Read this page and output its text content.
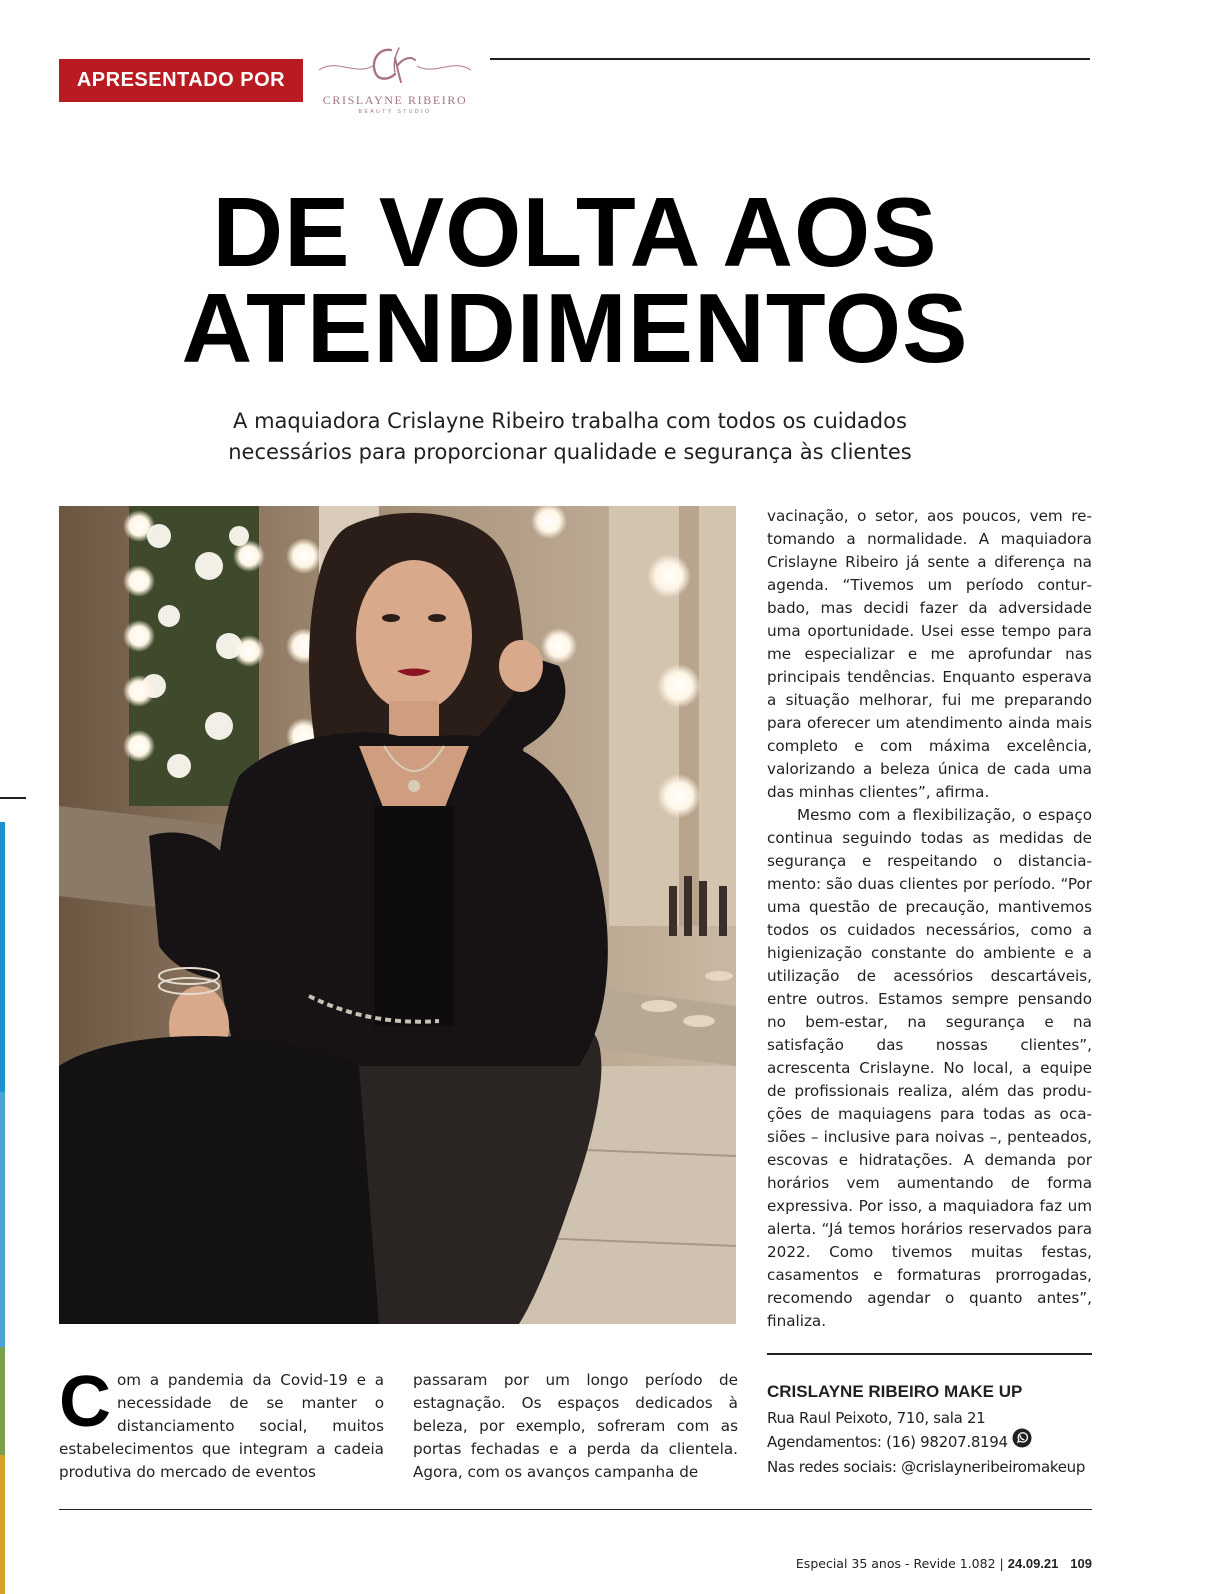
APRESENTADO POR
CRISLAYNE RIBEIRO
BEAUTY STUDIO
DE VOLTA AOS
ATENDIMENTOS
A maquiadora Crislayne Ribeiro trabalha com todos os cuidados
necessários para proporcionar qualidade e segurança às clientes

vacinação, o setor, aos poucos, vem retomando a normalidade. A maquiadora Crislayne Ribeiro já sente a diferença na agenda. “Tivemos um período conturbado, mas decidi fazer da adversidade uma oportunidade. Usei esse tempo para me especializar e me aprofundar nas principais tendências. Enquanto esperava a situação melhorar, fui me preparando para oferecer um atendimento ainda mais completo e com máxima excelência, valorizando a beleza única de cada uma das minhas clientes”, afirma.

Mesmo com a flexibilização, o espaço continua seguindo todas as medidas de segurança e respeitando o distanciamento: são duas clientes por período. “Por uma questão de precaução, mantivemos todos os cuidados necessários, como a higienização constante do ambiente e a utilização de acessórios descartáveis, entre outros. Estamos sempre pensando no bem-estar, na segurança e na satisfação das nossas clientes”, acrescenta Crislayne. No local, a equipe de profissionais realiza, além das produções de maquiagens para todas as ocasiões – inclusive para noivas –, penteados, escovas e hidratações. A demanda por horários vem aumentando de forma expressiva. Por isso, a maquiadora faz um alerta. “Já temos horários reservados para 2022. Como tivemos muitas festas, casamentos e formaturas prorrogadas, recomendo agendar o quanto antes”, finaliza.

C om a pandemia da Covid-19 e a necessidade de se manter o distanciamento social, muitos estabelecimentos que integram a cadeia produtiva do mercado de eventos

passaram por um longo período de estagnação. Os espaços dedicados à beleza, por exemplo, sofreram com as portas fechadas e a perda da clientela. Agora, com os avanços campanha de

CRISLAYNE RIBEIRO MAKE UP
Rua Raul Peixoto, 710, sala 21
Agendamentos: (16) 98207.8194
Nas redes sociais: @crislayneribeiromakeup
Especial 35 anos - Revide 1.082 | 24.09.21 109
